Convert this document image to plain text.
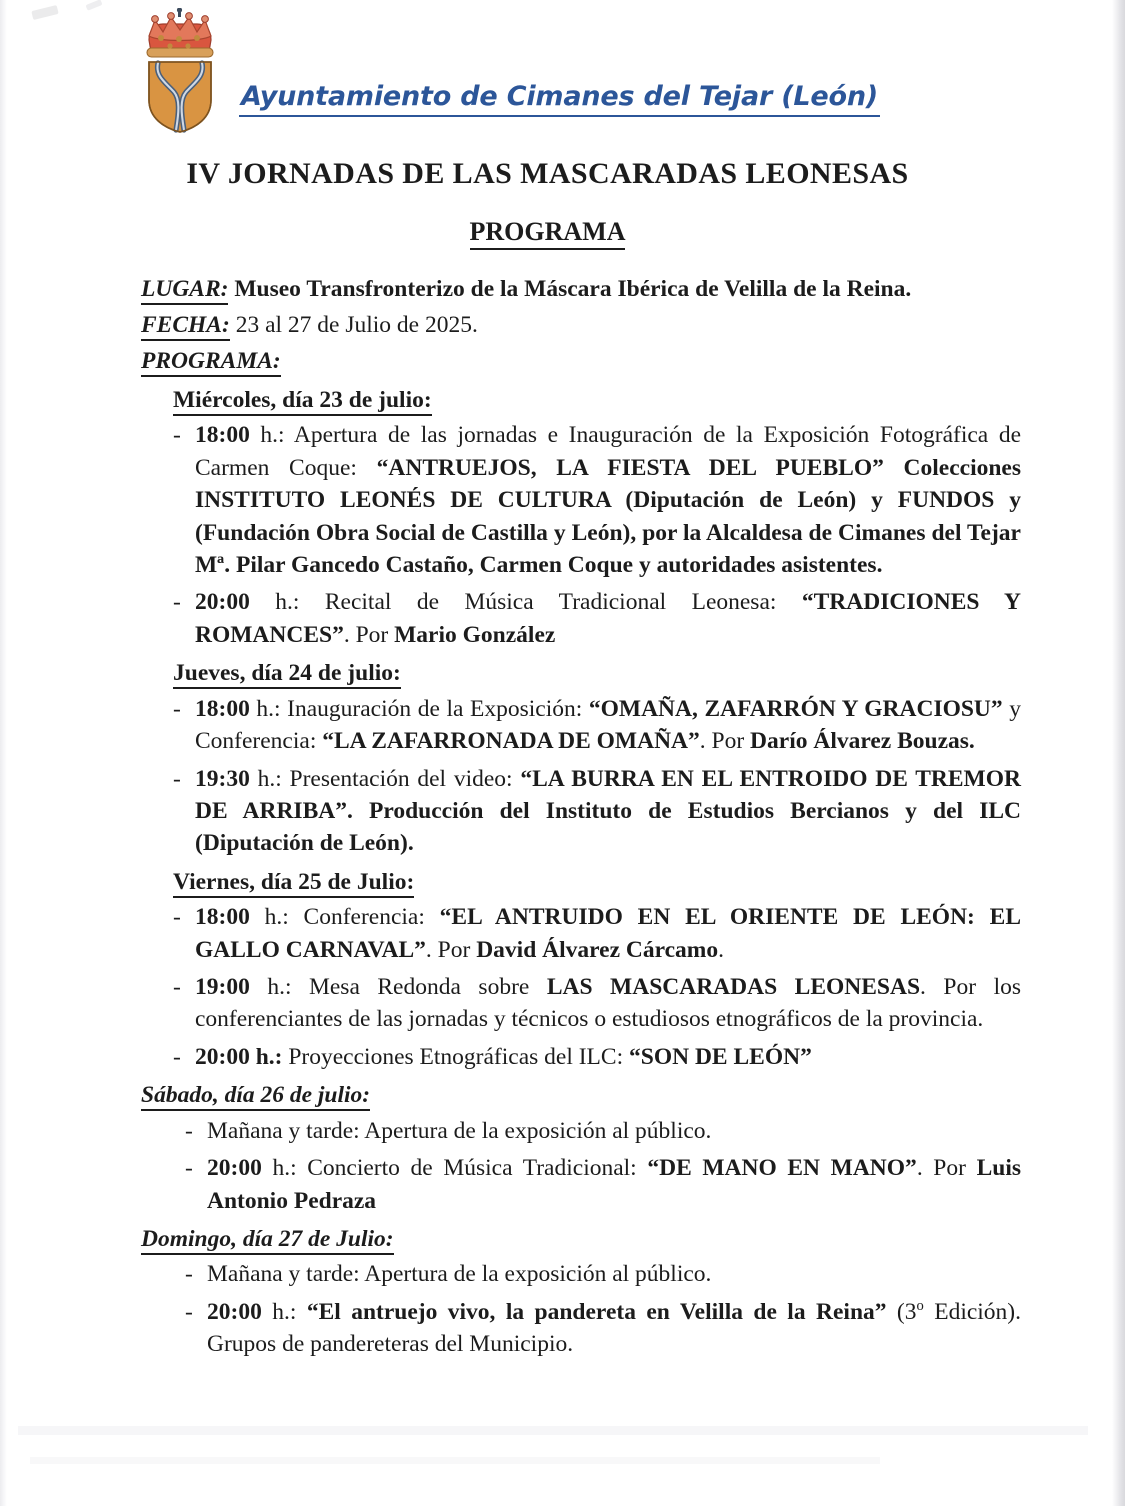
Ayuntamiento de Cimanes del Tejar (León)
IV JORNADAS DE LAS MASCARADAS LEONESAS
PROGRAMA
LUGAR: Museo Transfronterizo de la Máscara Ibérica de Velilla de la Reina.
FECHA: 23 al 27 de Julio de 2025.
PROGRAMA:
Miércoles, día 23 de julio:
- 18:00 h.: Apertura de las jornadas e Inauguración de la Exposición Fotográfica de Carmen Coque: “ANTRUEJOS, LA FIESTA DEL PUEBLO” Colecciones INSTITUTO LEONÉS DE CULTURA (Diputación de León) y FUNDOS y (Fundación Obra Social de Castilla y León), por la Alcaldesa de Cimanes del Tejar Mª. Pilar Gancedo Castaño, Carmen Coque y autoridades asistentes.
- 20:00 h.: Recital de Música Tradicional Leonesa: “TRADICIONES Y ROMANCES”. Por Mario González
Jueves, día 24 de julio:
- 18:00 h.: Inauguración de la Exposición: “OMAÑA, ZAFARRÓN Y GRACIOSU” y Conferencia: “LA ZAFARRONADA DE OMAÑA”. Por Darío Álvarez Bouzas.
- 19:30 h.: Presentación del video: “LA BURRA EN EL ENTROIDO DE TREMOR DE ARRIBA”. Producción del Instituto de Estudios Bercianos y del ILC (Diputación de León).
Viernes, día 25 de Julio:
- 18:00 h.: Conferencia: “EL ANTRUIDO EN EL ORIENTE DE LEÓN: EL GALLO CARNAVAL”. Por David Álvarez Cárcamo.
- 19:00 h.: Mesa Redonda sobre LAS MASCARADAS LEONESAS. Por los conferenciantes de las jornadas y técnicos o estudiosos etnográficos de la provincia.
- 20:00 h.: Proyecciones Etnográficas del ILC: “SON DE LEÓN”
Sábado, día 26 de julio:
- Mañana y tarde: Apertura de la exposición al público.
- 20:00 h.: Concierto de Música Tradicional: “DE MANO EN MANO”. Por Luis Antonio Pedraza
Domingo, día 27 de Julio:
- Mañana y tarde: Apertura de la exposición al público.
- 20:00 h.: “El antruejo vivo, la pandereta en Velilla de la Reina” (3$^o$ Edición). Grupos de pandereteras del Municipio.
